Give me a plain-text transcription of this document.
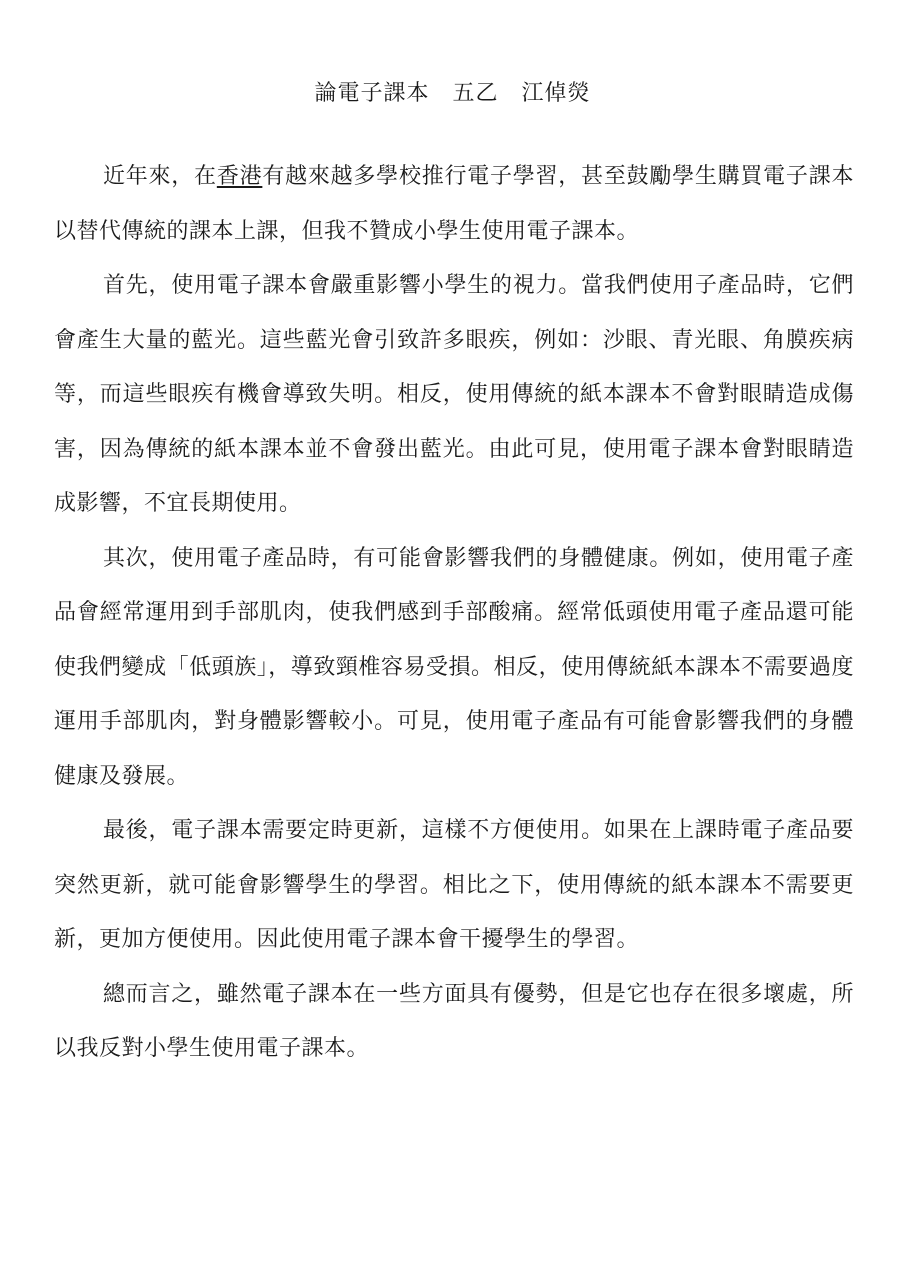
論電子課本　五乙　江倬熒

近年來，在香港有越來越多學校推行電子學習，甚至鼓勵學生購買電子課本以替代傳統的課本上課，但我不贊成小學生使用電子課本。

首先，使用電子課本會嚴重影響小學生的視力。當我們使用子產品時，它們會產生大量的藍光。這些藍光會引致許多眼疾，例如：沙眼、青光眼、角膜疾病等，而這些眼疾有機會導致失明。相反，使用傳統的紙本課本不會對眼睛造成傷害，因為傳統的紙本課本並不會發出藍光。由此可見，使用電子課本會對眼睛造成影響，不宜長期使用。

其次，使用電子產品時，有可能會影響我們的身體健康。例如，使用電子產品會經常運用到手部肌肉，使我們感到手部酸痛。經常低頭使用電子產品還可能使我們變成「低頭族」，導致頸椎容易受損。相反，使用傳統紙本課本不需要過度運用手部肌肉，對身體影響較小。可見，使用電子產品有可能會影響我們的身體健康及發展。

最後，電子課本需要定時更新，這樣不方便使用。如果在上課時電子產品要突然更新，就可能會影響學生的學習。相比之下，使用傳統的紙本課本不需要更新，更加方便使用。因此使用電子課本會干擾學生的學習。

總而言之，雖然電子課本在一些方面具有優勢，但是它也存在很多壞處，所以我反對小學生使用電子課本。
